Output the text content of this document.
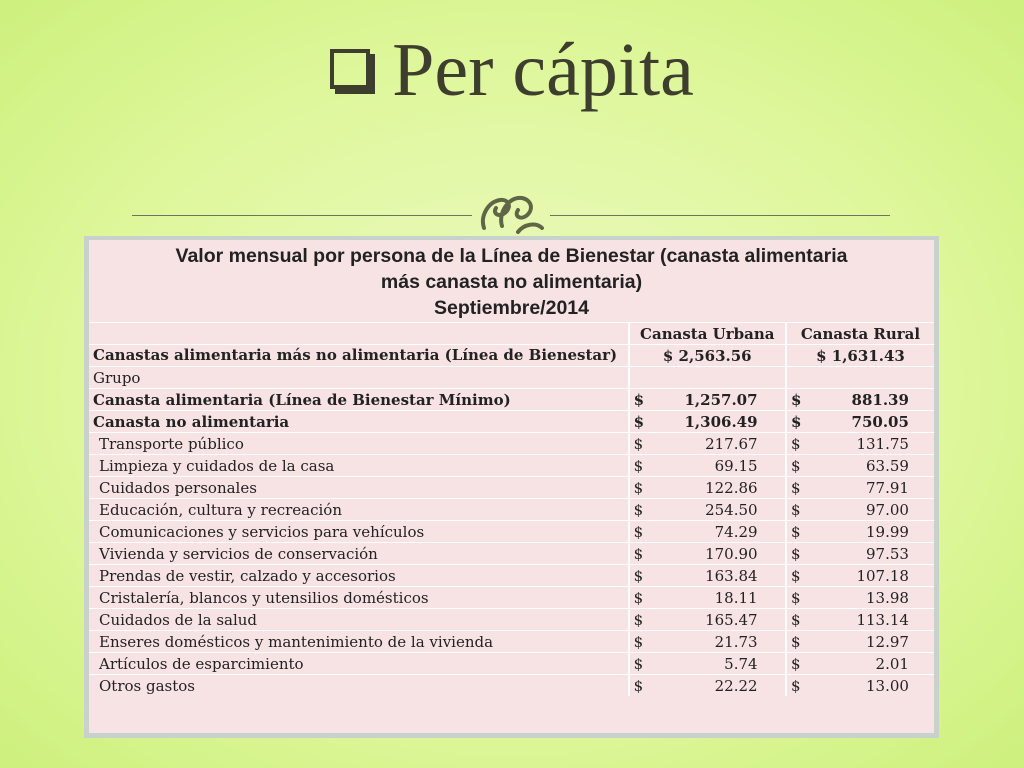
Per cápita
Valor mensual por persona de la Línea de Bienestar (canasta alimentaria
más canasta no alimentaria)
Septiembre/2014
	Canasta Urbana	Canasta Rural
Canastas alimentaria más no alimentaria (Línea de Bienestar)	$ 2,563.56	$ 1,631.43
Grupo		
Canasta alimentaria (Línea de Bienestar Mínimo)	$ 1,257.07	$ 881.39
Canasta no alimentaria	$ 1,306.49	$ 750.05
Transporte público	$ 217.67	$ 131.75
Limpieza y cuidados de la casa	$ 69.15	$ 63.59
Cuidados personales	$ 122.86	$ 77.91
Educación, cultura y recreación	$ 254.50	$ 97.00
Comunicaciones y servicios para vehículos	$ 74.29	$ 19.99
Vivienda y servicios de conservación	$ 170.90	$ 97.53
Prendas de vestir, calzado y accesorios	$ 163.84	$ 107.18
Cristalería, blancos y utensilios domésticos	$ 18.11	$ 13.98
Cuidados de la salud	$ 165.47	$ 113.14
Enseres domésticos y mantenimiento de la vivienda	$ 21.73	$ 12.97
Artículos de esparcimiento	$ 5.74	$ 2.01
Otros gastos	$ 22.22	$ 13.00
